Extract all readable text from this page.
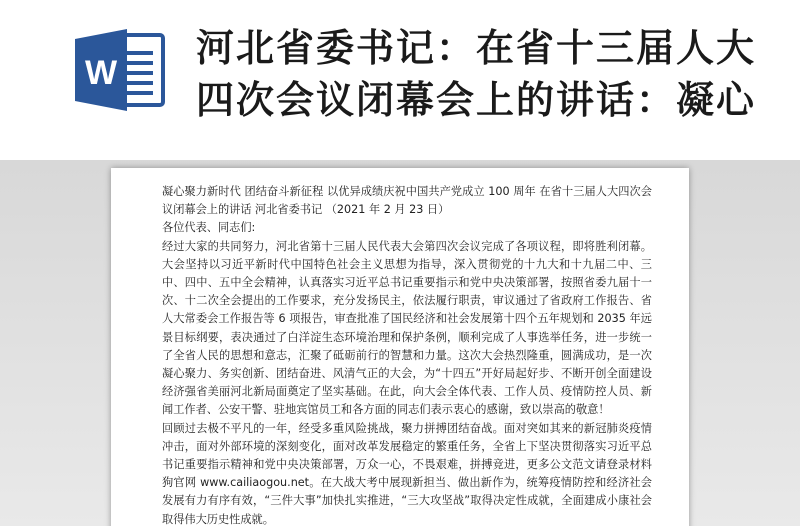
W
河北省委书记：在省十三届人大
四次会议闭幕会上的讲话：凝心

凝心聚力新时代 团结奋斗新征程 以优异成绩庆祝中国共产党成立 100 周年 在省十三届人大四次会议闭幕会上的讲话 河北省委书记 （2021 年 2 月 23 日）

各位代表、同志们:

经过大家的共同努力，河北省第十三届人民代表大会第四次会议完成了各项议程，即将胜利闭幕。大会坚持以习近平新时代中国特色社会主义思想为指导，深入贯彻党的十九大和十九届二中、三中、四中、五中全会精神，认真落实习近平总书记重要指示和党中央决策部署，按照省委九届十一次、十二次全会提出的工作要求，充分发扬民主，依法履行职责，审议通过了省政府工作报告、省人大常委会工作报告等 6 项报告，审查批准了国民经济和社会发展第十四个五年规划和 2035 年远景目标纲要，表决通过了白洋淀生态环境治理和保护条例，顺利完成了人事选举任务，进一步统一了全省人民的思想和意志，汇聚了砥砺前行的智慧和力量。这次大会热烈隆重，圆满成功，是一次凝心聚力、务实创新、团结奋进、风清气正的大会，为“十四五”开好局起好步、不断开创全面建设经济强省美丽河北新局面奠定了坚实基础。在此，向大会全体代表、工作人员、疫情防控人员、新闻工作者、公安干警、驻地宾馆员工和各方面的同志们表示衷心的感谢，致以崇高的敬意！

回顾过去极不平凡的一年，经受多重风险挑战，聚力拼搏团结奋战。面对突如其来的新冠肺炎疫情冲击，面对外部环境的深刻变化，面对改革发展稳定的繁重任务，全省上下坚决贯彻落实习近平总书记重要指示精神和党中央决策部署，万众一心，不畏艰难，拼搏竞进，更多公文范文请登录材料狗官网 www.cailiaogou.net。在大战大考中展现新担当、做出新作为，统筹疫情防控和经济社会发展有力有序有效，“三件大事”加快扎实推进，“三大攻坚战”取得决定性成就，全面建成小康社会取得伟大历史性成就。
